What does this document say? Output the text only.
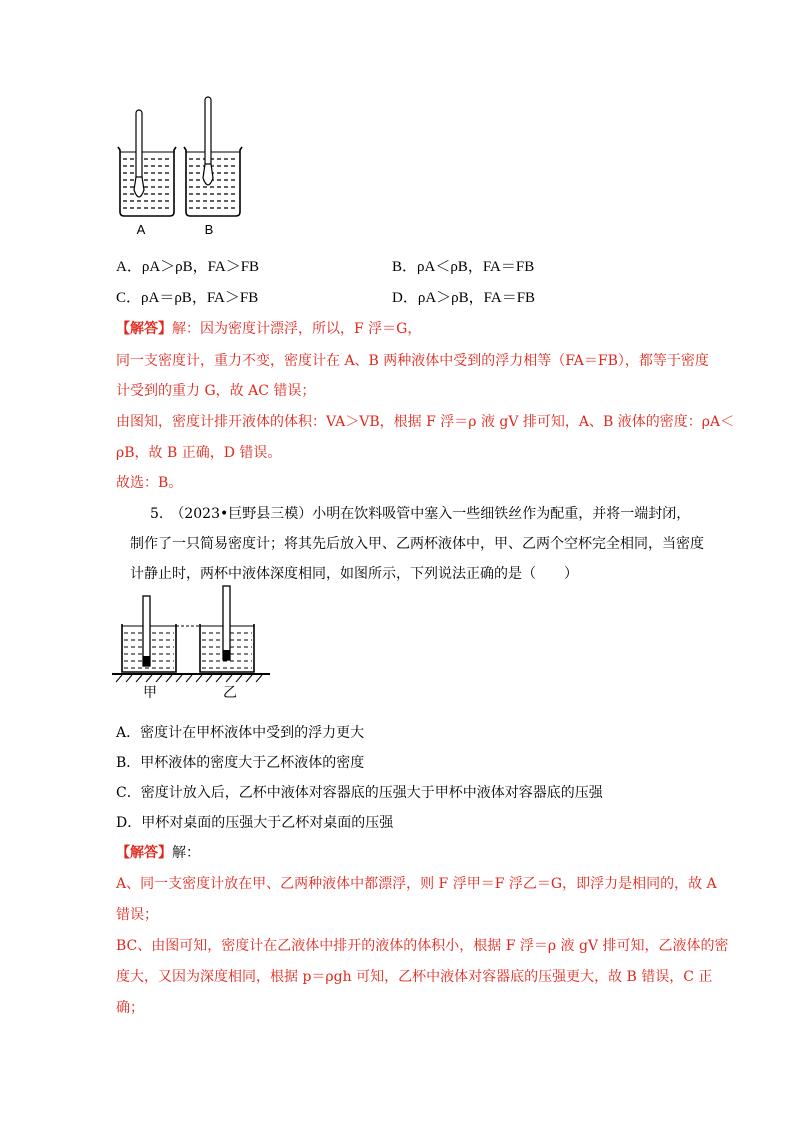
A	B
A．ρA＞ρB，FA＞FB	B．ρA＜ρB，FA＝FB
C．ρA＝ρB，FA＞FB	D．ρA＞ρB，FA＝FB
【解答】解：因为密度计漂浮，所以，F 浮＝G，
同一支密度计，重力不变，密度计在 A、B 两种液体中受到的浮力相等（FA＝FB），都等于密度
计受到的重力 G，故 AC 错误；
由图知，密度计排开液体的体积：VA＞VB，根据 F 浮＝ρ 液 gV 排可知，A、B 液体的密度：ρA＜
ρB，故 B 正确，D 错误。
故选：B。
5.　（2023•巨野县三模）小明在饮料吸管中塞入一些细铁丝作为配重，并将一端封闭，
制作了一只简易密度计；将其先后放入甲、乙两杯液体中，甲、乙两个空杯完全相同，当密度
计静止时，两杯中液体深度相同，如图所示，下列说法正确的是（　　）
甲	乙
A．密度计在甲杯液体中受到的浮力更大
B．甲杯液体的密度大于乙杯液体的密度
C．密度计放入后，乙杯中液体对容器底的压强大于甲杯中液体对容器底的压强
D．甲杯对桌面的压强大于乙杯对桌面的压强
【解答】解：
A、同一支密度计放在甲、乙两种液体中都漂浮，则 F 浮甲＝F 浮乙＝G，即浮力是相同的，故 A
错误；
BC、由图可知，密度计在乙液体中排开的液体的体积小，根据 F 浮＝ρ 液 gV 排可知，乙液体的密
度大，又因为深度相同，根据 p＝ρgh 可知，乙杯中液体对容器底的压强更大，故 B 错误，C 正
确；
